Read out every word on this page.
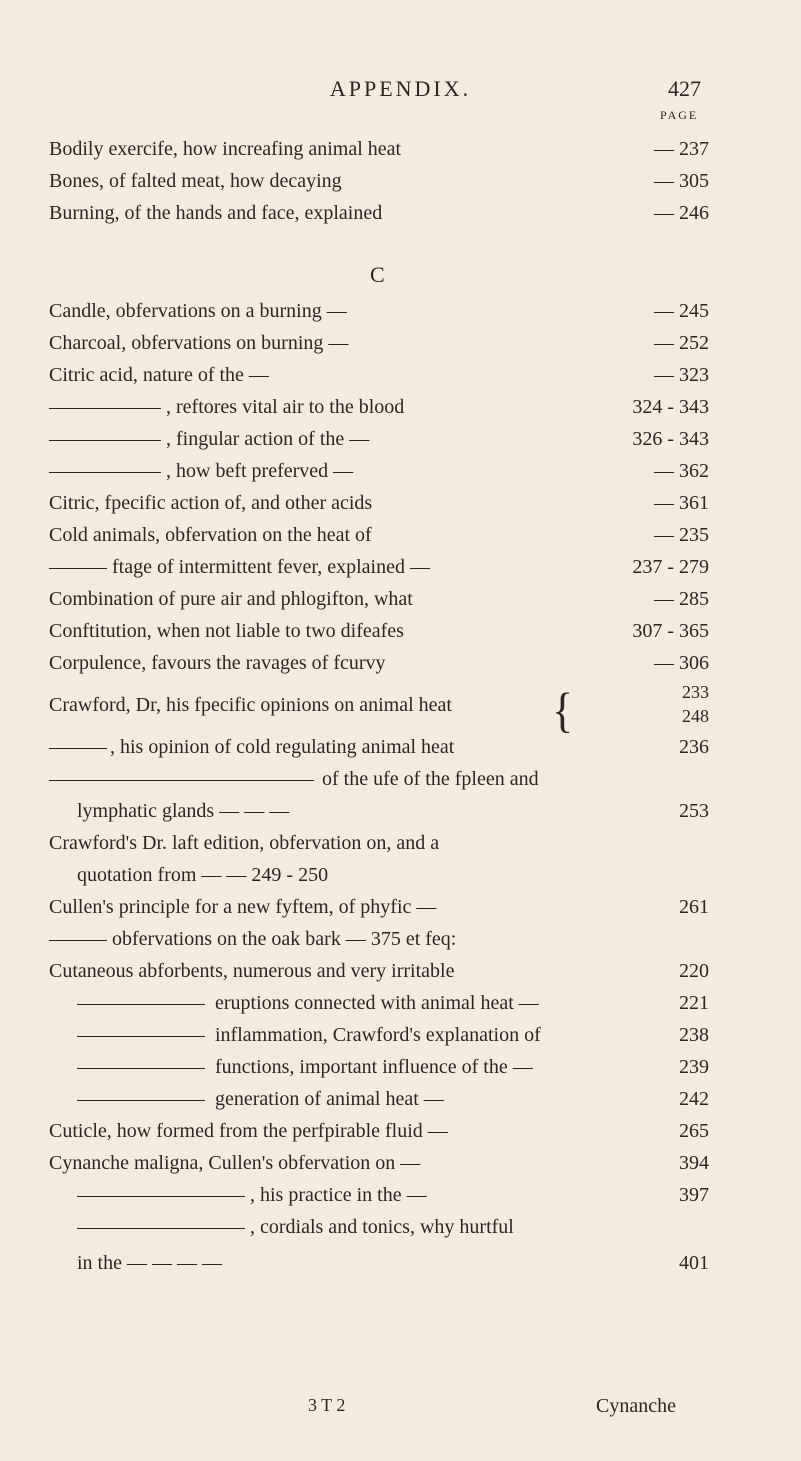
APPENDIX.	427
PAGE
Bodily exercife, how increafing animal heat	— 237
Bones, of falted meat, how decaying	— 305
Burning, of the hands and face, explained	— 246
C
Candle, obfervations on a burning —	— 245
Charcoal, obfervations on burning —	— 252
Citric acid, nature of the —	— 323
, reftores vital air to the blood	324 - 343
, fingular action of the —	326 - 343
, how beft preferved —	— 362
Citric, fpecific action of, and other acids	— 361
Cold animals, obfervation on the heat of	— 235
ftage of intermittent fever, explained —	237 - 279
Combination of pure air and phlogifton, what	— 285
Conftitution, when not liable to two difeafes	307 - 365
Corpulence, favours the ravages of fcurvy	— 306
Crawford, Dr, his fpecific opinions on animal heat {	233
248
, his opinion of cold regulating animal heat	236
of the ufe of the fpleen and
lymphatic glands — — —	253
Crawford's Dr. laft edition, obfervation on, and a
quotation from — — 249 - 250
Cullen's principle for a new fyftem, of phyfic —	261
obfervations on the oak bark — 375 et feq:
Cutaneous abforbents, numerous and very irritable	220
eruptions connected with animal heat —	221
inflammation, Crawford's explanation of	238
functions, important influence of the —	239
generation of animal heat —	242
Cuticle, how formed from the perfpirable fluid —	265
Cynanche maligna, Cullen's obfervation on —	394
, his practice in the —	397
, cordials and tonics, why hurtful
in the — — — —	401
3 T 2	Cynanche
